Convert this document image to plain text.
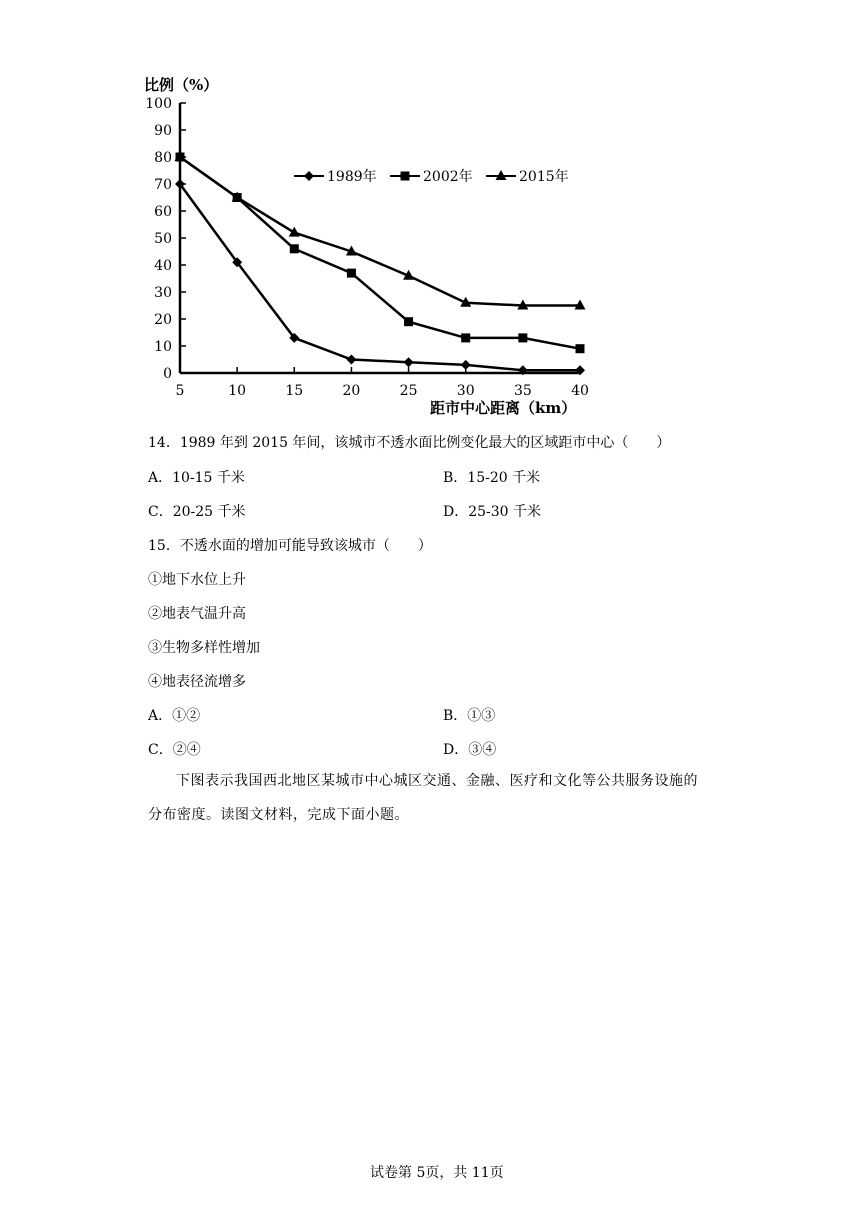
比例（%）
距市中心距离（km）
0
10
20
30
40
50
60
70
80
90
100
5	10	15	20	25	30	35	40
1989年	2002年	2015年
14．1989 年到 2015 年间，该城市不透水面比例变化最大的区域距市中心（　　）
A．10-15 千米	B．15-20 千米
C．20-25 千米	D．25-30 千米
15．不透水面的增加可能导致该城市（　　）
①地下水位上升
②地表气温升高
③生物多样性增加
④地表径流增多
A．①②	B．①③
C．②④	D．③④
下图表示我国西北地区某城市中心城区交通、金融、医疗和文化等公共服务设施的
分布密度。读图文材料，完成下面小题。
试卷第 5页，共 11页
